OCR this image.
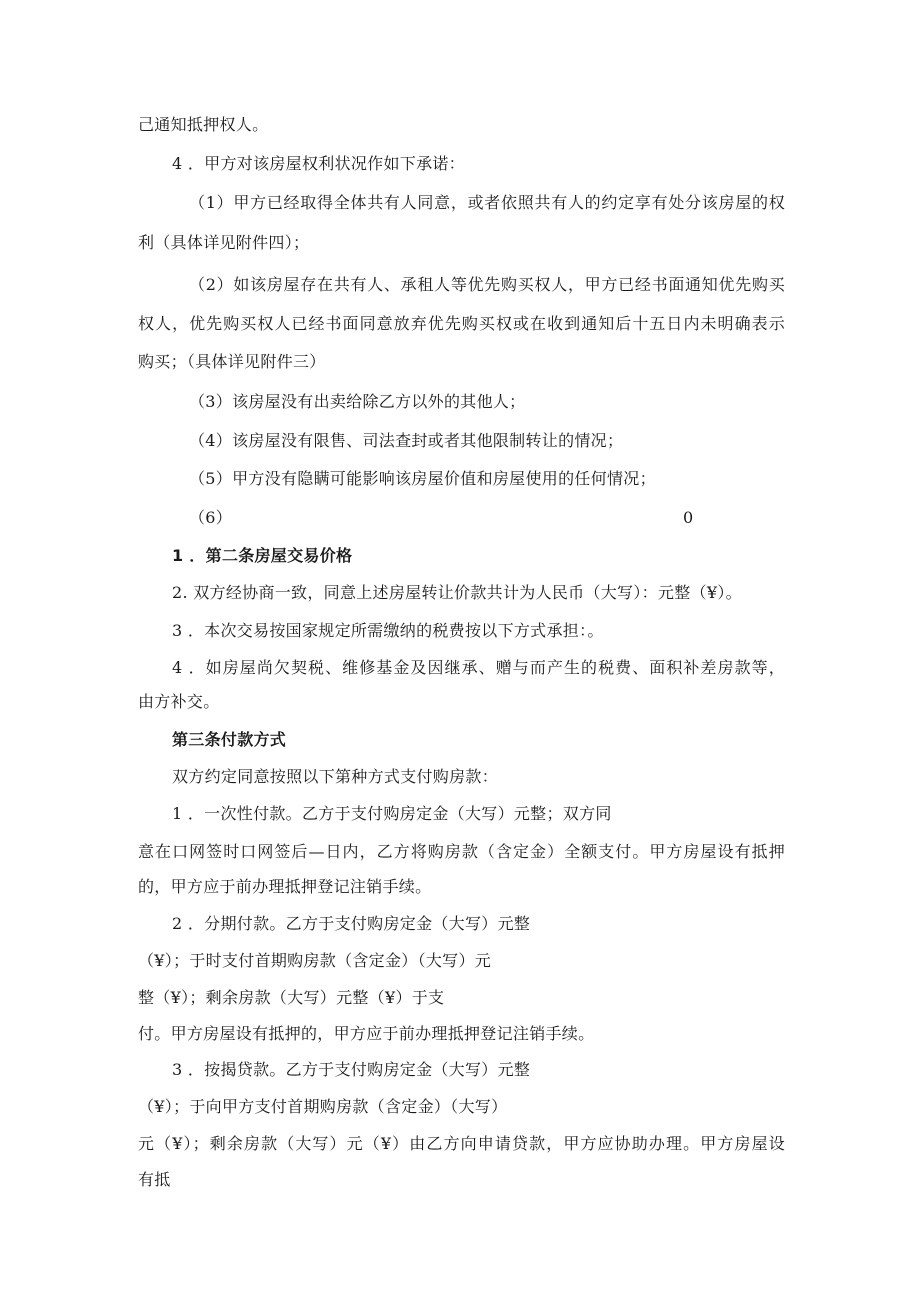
己通知抵押权人。
4 ．甲方对该房屋权利状况作如下承诺：
（1）甲方已经取得全体共有人同意，或者依照共有人的约定享有处分该房屋的权
利（具体详见附件四）；
（2）如该房屋存在共有人、承租人等优先购买权人，甲方已经书面通知优先购买
权人，优先购买权人已经书面同意放弃优先购买权或在收到通知后十五日内未明确表示
购买；（具体详见附件三）
（3）该房屋没有出卖给除乙方以外的其他人；
（4）该房屋没有限售、司法查封或者其他限制转让的情况；
（5）甲方没有隐瞒可能影响该房屋价值和房屋使用的任何情况；
（6）	0
1 ．第二条房屋交易价格
2. 双方经协商一致，同意上述房屋转让价款共计为人民币（大写）：元整（¥）。
3 ．本次交易按国家规定所需缴纳的税费按以下方式承担：。
4 ．如房屋尚欠契税、维修基金及因继承、赠与而产生的税费、面积补差房款等，
由方补交。
第三条付款方式
双方约定同意按照以下第种方式支付购房款：
1 ．一次性付款。乙方于支付购房定金（大写）元整；双方同
意在口网签时口网签后—日内，乙方将购房款（含定金）全额支付。甲方房屋设有抵押
的，甲方应于前办理抵押登记注销手续。
2 ．分期付款。乙方于支付购房定金（大写）元整
（¥）；于时支付首期购房款（含定金）（大写）元
整（¥）；剩余房款（大写）元整（¥）于支
付。甲方房屋设有抵押的，甲方应于前办理抵押登记注销手续。
3 ．按揭贷款。乙方于支付购房定金（大写）元整
（¥）；于向甲方支付首期购房款（含定金）（大写）
元（¥）；剩余房款（大写）元（¥）由乙方向申请贷款，甲方应协助办理。甲方房屋设
有抵
